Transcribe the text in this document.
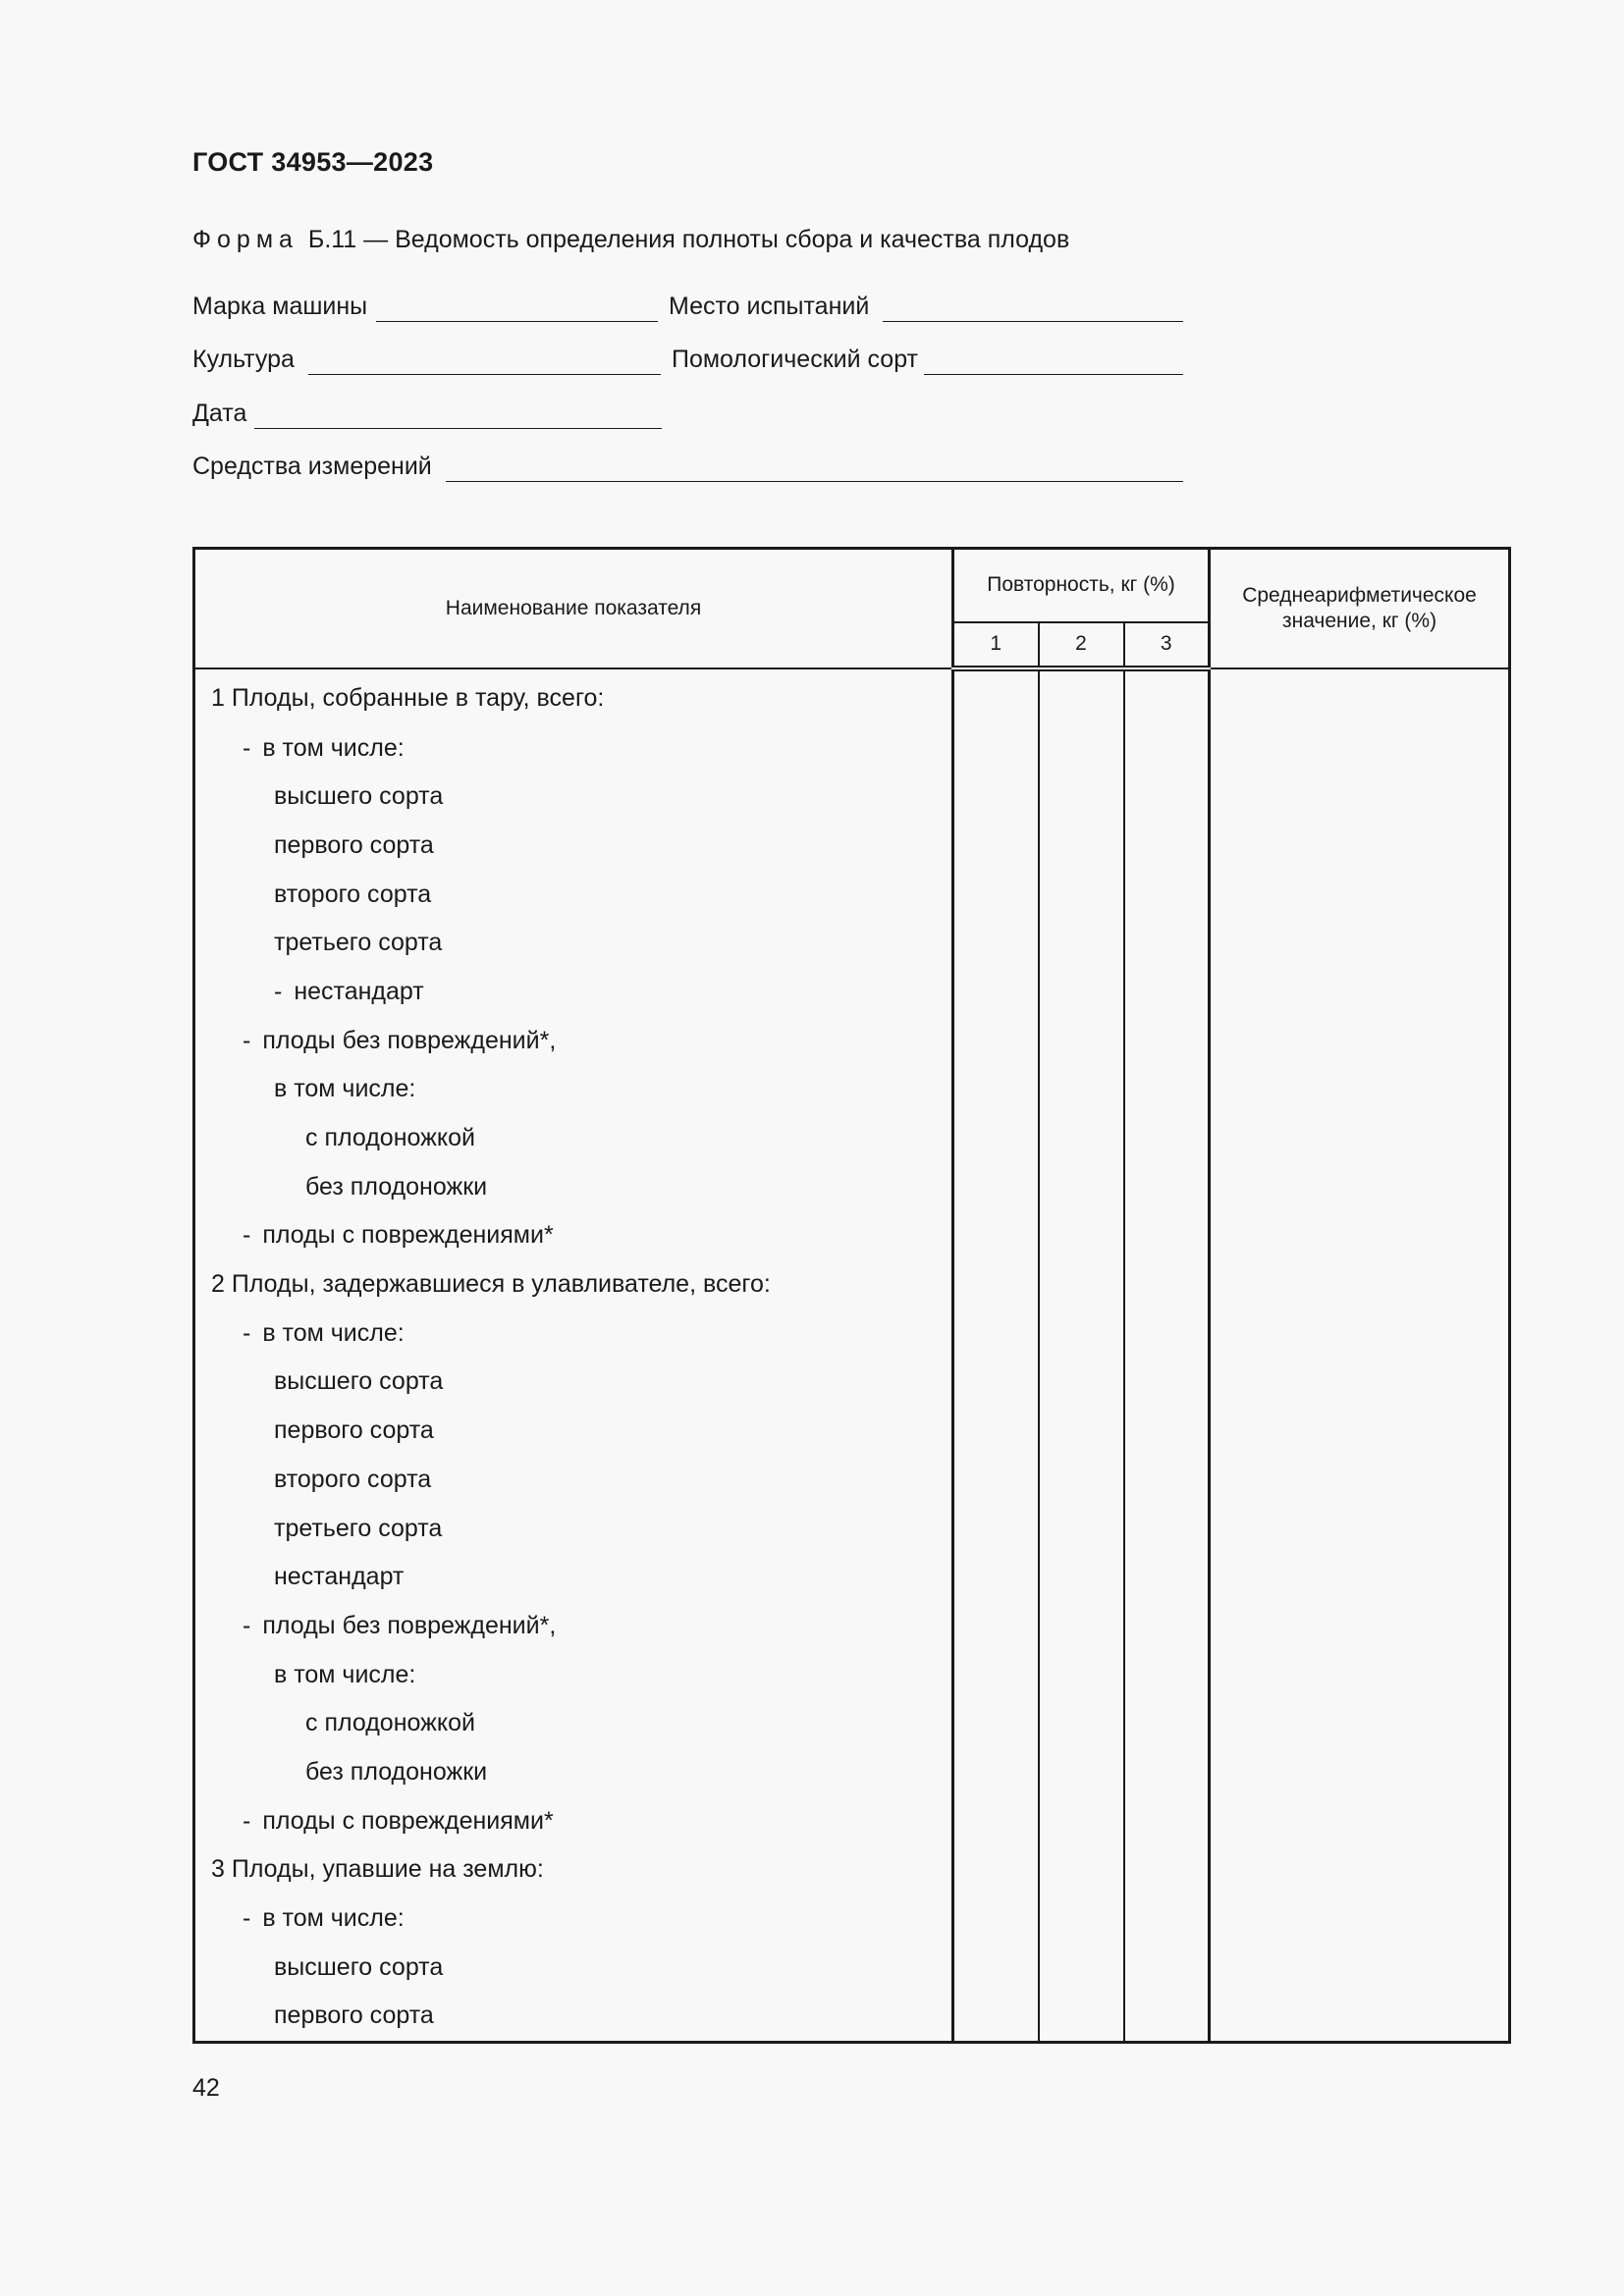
ГОСТ 34953—2023
Форма Б.11 — Ведомость определения полноты сбора и качества плодов
Марка машины	Место испытаний
Культура	Помологический сорт
Дата
Средства измерений
Наименование показателя	Повторность, кг (%)			Среднеарифметическое значение, кг (%)
	1	2	3	
1 Плоды, собранные в тару, всего:				
- в том числе:				
высшего сорта				
первого сорта				
второго сорта				
третьего сорта				
- нестандарт				
- плоды без повреждений*,				
в том числе:				
с плодоножкой				
без плодоножки				
- плоды с повреждениями*				
2 Плоды, задержавшиеся в улавливателе, всего:				
- в том числе:				
высшего сорта				
первого сорта				
второго сорта				
третьего сорта				
нестандарт				
- плоды без повреждений*,				
в том числе:				
с плодоножкой				
без плодоножки				
- плоды с повреждениями*				
3 Плоды, упавшие на землю:				
- в том числе:				
высшего сорта				
первого сорта				
42
